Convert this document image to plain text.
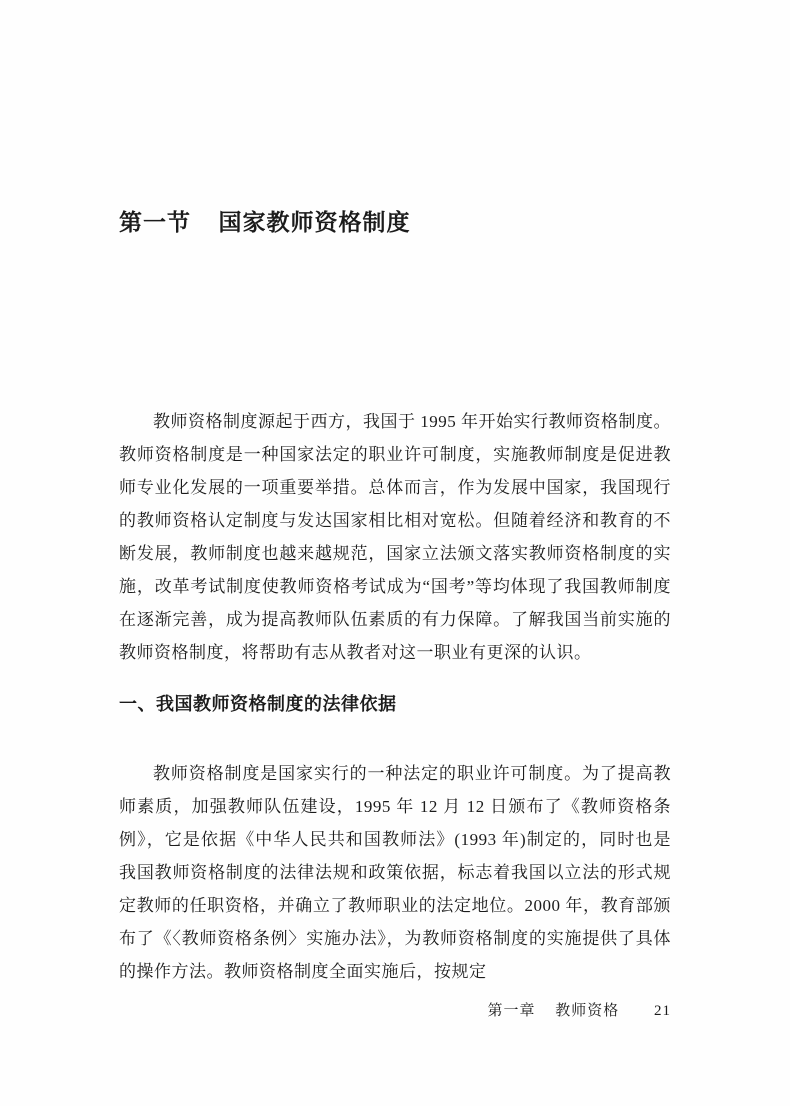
第一节 国家教师资格制度

教师资格制度源起于西方，我国于 1995 年开始实行教师资格制度。教师资格制度是一种国家法定的职业许可制度，实施教师制度是促进教师专业化发展的一项重要举措。总体而言，作为发展中国家，我国现行的教师资格认定制度与发达国家相比相对宽松。但随着经济和教育的不断发展，教师制度也越来越规范，国家立法颁文落实教师资格制度的实施，改革考试制度使教师资格考试成为“国考”等均体现了我国教师制度在逐渐完善，成为提高教师队伍素质的有力保障。了解我国当前实施的教师资格制度，将帮助有志从教者对这一职业有更深的认识。

一、我国教师资格制度的法律依据

教师资格制度是国家实行的一种法定的职业许可制度。为了提高教师素质，加强教师队伍建设，1995 年 12 月 12 日颁布了《教师资格条例》，它是依据《中华人民共和国教师法》(1993 年)制定的，同时也是我国教师资格制度的法律法规和政策依据，标志着我国以立法的形式规定教师的任职资格，并确立了教师职业的法定地位。2000 年，教育部颁布了《〈教师资格条例〉实施办法》，为教师资格制度的实施提供了具体的操作方法。教师资格制度全面实施后，按规定

第一章 教师资格 21
